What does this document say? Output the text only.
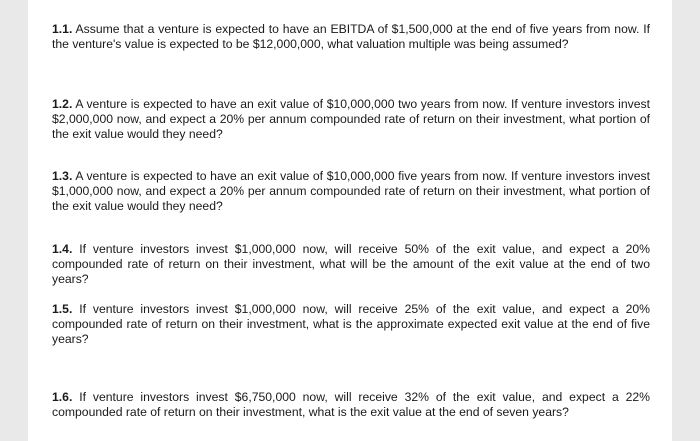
1.1. Assume that a venture is expected to have an EBITDA of $1,500,000 at the end of five years from now. If the venture's value is expected to be $12,000,000, what valuation multiple was being assumed?

1.2. A venture is expected to have an exit value of $10,000,000 two years from now. If venture investors invest $2,000,000 now, and expect a 20% per annum compounded rate of return on their investment, what portion of the exit value would they need?

1.3. A venture is expected to have an exit value of $10,000,000 five years from now. If venture investors invest $1,000,000 now, and expect a 20% per annum compounded rate of return on their investment, what portion of the exit value would they need?

1.4. If venture investors invest $1,000,000 now, will receive 50% of the exit value, and expect a 20% compounded rate of return on their investment, what will be the amount of the exit value at the end of two years?

1.5. If venture investors invest $1,000,000 now, will receive 25% of the exit value, and expect a 20% compounded rate of return on their investment, what is the approximate expected exit value at the end of five years?

1.6. If venture investors invest $6,750,000 now, will receive 32% of the exit value, and expect a 22% compounded rate of return on their investment, what is the exit value at the end of seven years?
